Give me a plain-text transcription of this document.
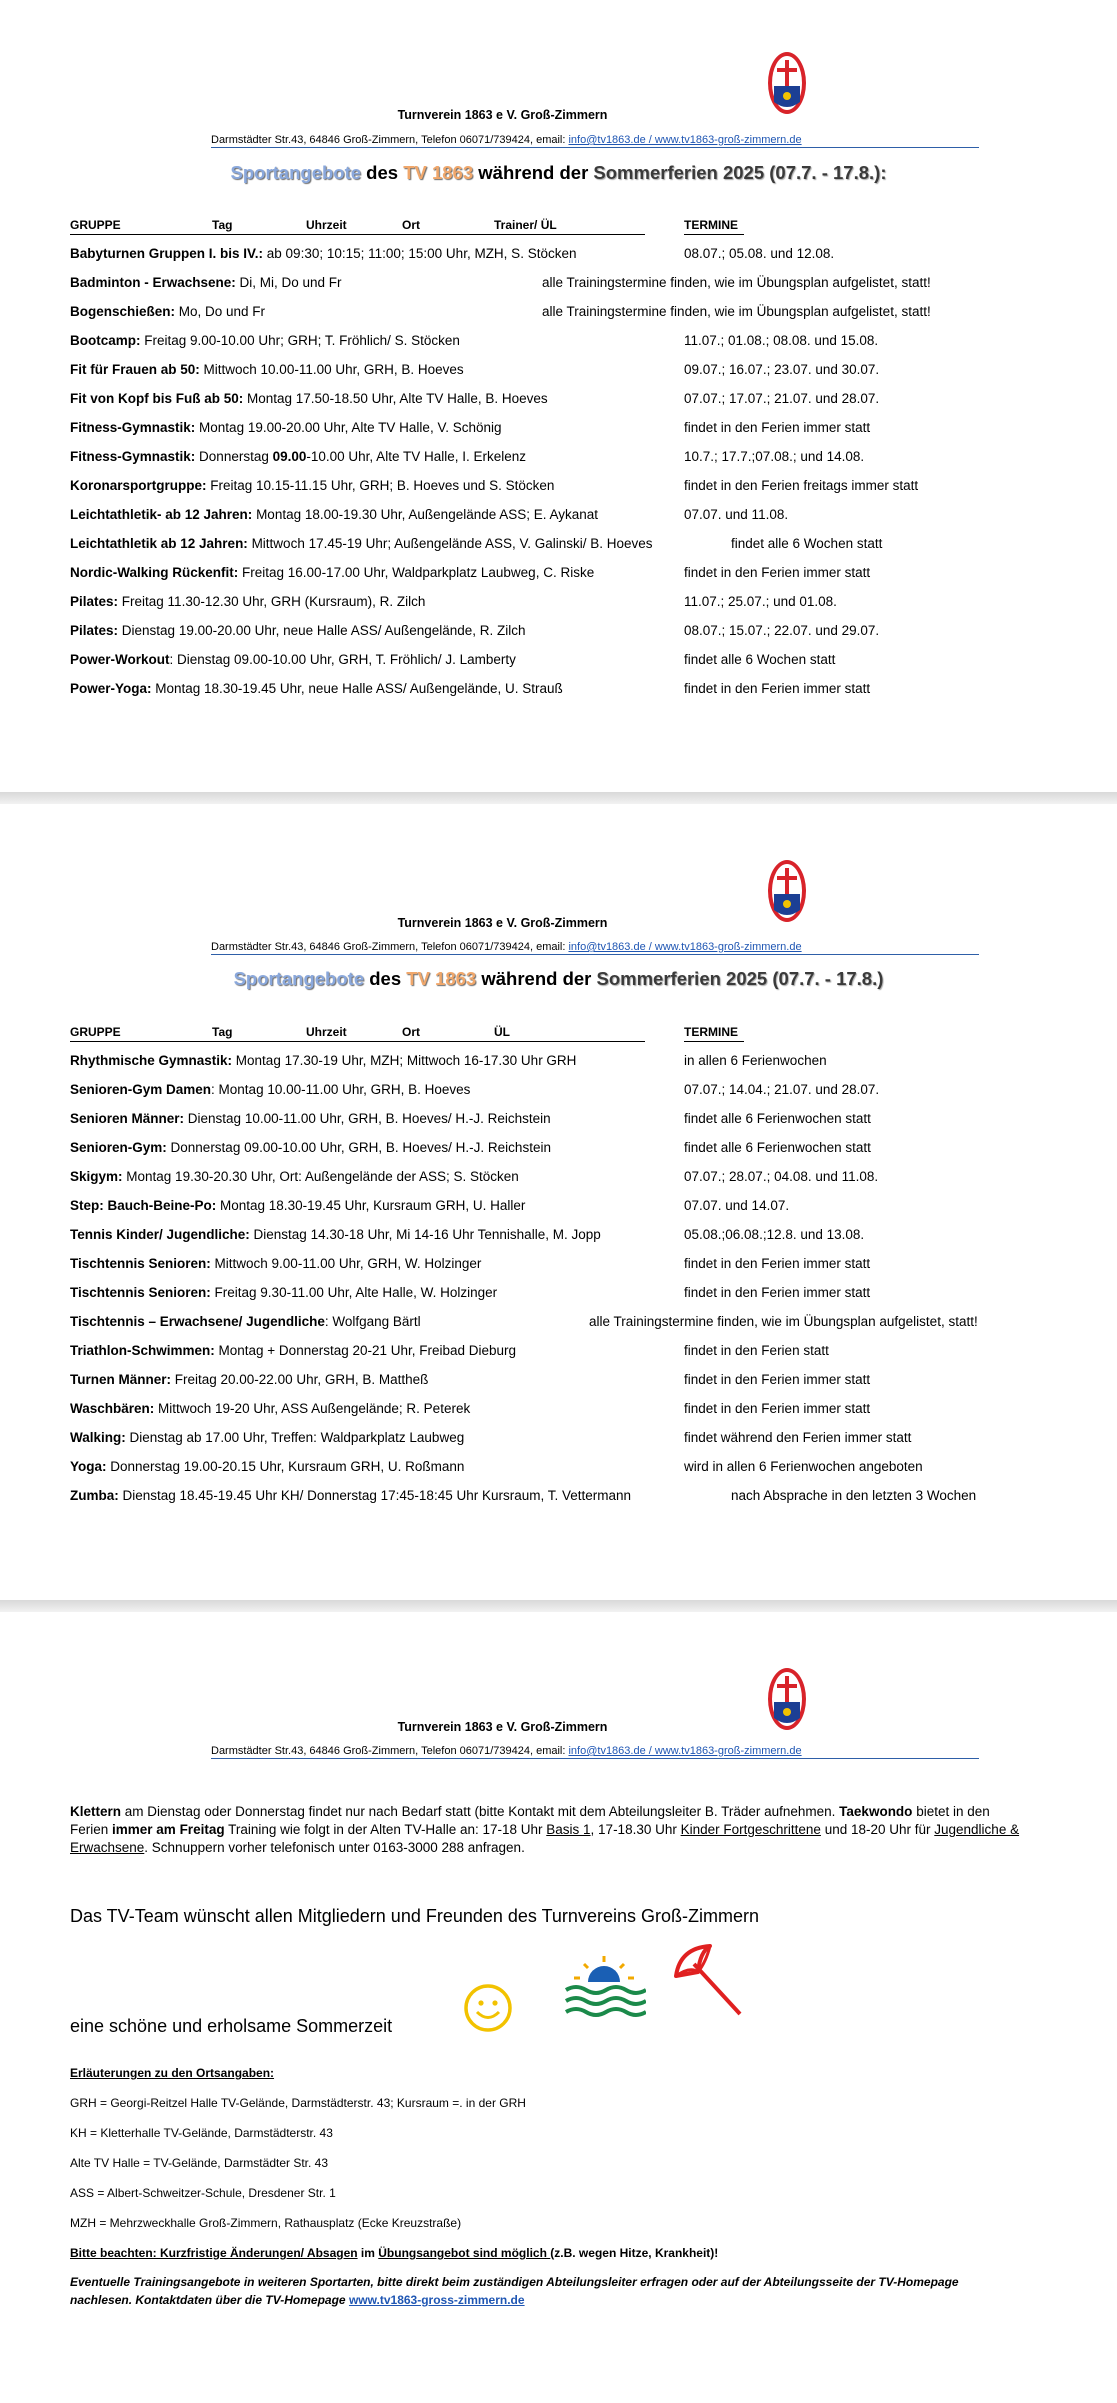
Turnverein 1863 e V. Groß-Zimmern
Darmstädter Str.43, 64846 Groß-Zimmern, Telefon 06071/739424, email: info@tv1863.de / www.tv1863-groß-zimmern.de
Sportangebote des TV 1863 während der Sommerferien 2025 (07.7. - 17.8.):
GRUPPE	Tag	Uhrzeit	Ort	Trainer/ ÜL	TERMINE
Babyturnen Gruppen I. bis IV.: ab 09:30; 10:15; 11:00; 15:00 Uhr, MZH, S. Stöcken	08.07.; 05.08. und 12.08.
Badminton - Erwachsene: Di, Mi, Do und Fr	alle Trainingstermine finden, wie im Übungsplan aufgelistet, statt!
Bogenschießen: Mo, Do und Fr	alle Trainingstermine finden, wie im Übungsplan aufgelistet, statt!
Bootcamp: Freitag 9.00-10.00 Uhr; GRH; T. Fröhlich/ S. Stöcken	11.07.; 01.08.; 08.08. und 15.08.
Fit für Frauen ab 50: Mittwoch 10.00-11.00 Uhr, GRH, B. Hoeves	09.07.; 16.07.; 23.07. und 30.07.
Fit von Kopf bis Fuß ab 50: Montag 17.50-18.50 Uhr, Alte TV Halle, B. Hoeves	07.07.; 17.07.; 21.07. und 28.07.
Fitness-Gymnastik: Montag 19.00-20.00 Uhr, Alte TV Halle, V. Schönig	findet in den Ferien immer statt
Fitness-Gymnastik: Donnerstag 09.00-10.00 Uhr, Alte TV Halle, I. Erkelenz	10.7.; 17.7.;07.08.; und 14.08.
Koronarsportgruppe: Freitag 10.15-11.15 Uhr, GRH; B. Hoeves und S. Stöcken	findet in den Ferien freitags immer statt
Leichtathletik- ab 12 Jahren: Montag 18.00-19.30 Uhr, Außengelände ASS; E. Aykanat	07.07. und 11.08.
Leichtathletik ab 12 Jahren: Mittwoch 17.45-19 Uhr; Außengelände ASS, V. Galinski/ B. Hoeves	findet alle 6 Wochen statt
Nordic-Walking Rückenfit: Freitag 16.00-17.00 Uhr, Waldparkplatz Laubweg, C. Riske	findet in den Ferien immer statt
Pilates: Freitag 11.30-12.30 Uhr, GRH (Kursraum), R. Zilch	11.07.; 25.07.; und 01.08.
Pilates: Dienstag 19.00-20.00 Uhr, neue Halle ASS/ Außengelände, R. Zilch	08.07.; 15.07.; 22.07. und 29.07.
Power-Workout: Dienstag 09.00-10.00 Uhr, GRH, T. Fröhlich/ J. Lamberty	findet alle 6 Wochen statt
Power-Yoga: Montag 18.30-19.45 Uhr, neue Halle ASS/ Außengelände, U. Strauß	findet in den Ferien immer statt
Turnverein 1863 e V. Groß-Zimmern
Darmstädter Str.43, 64846 Groß-Zimmern, Telefon 06071/739424, email: info@tv1863.de / www.tv1863-groß-zimmern.de
Sportangebote des TV 1863 während der Sommerferien 2025 (07.7. - 17.8.)
GRUPPE	Tag	Uhrzeit	Ort	ÜL	TERMINE
Rhythmische Gymnastik: Montag 17.30-19 Uhr, MZH; Mittwoch 16-17.30 Uhr GRH	in allen 6 Ferienwochen
Senioren-Gym Damen: Montag 10.00-11.00 Uhr, GRH, B. Hoeves	07.07.; 14.04.; 21.07. und 28.07.
Senioren Männer: Dienstag 10.00-11.00 Uhr, GRH, B. Hoeves/ H.-J. Reichstein	findet alle 6 Ferienwochen statt
Senioren-Gym: Donnerstag 09.00-10.00 Uhr, GRH, B. Hoeves/ H.-J. Reichstein	findet alle 6 Ferienwochen statt
Skigym: Montag 19.30-20.30 Uhr, Ort: Außengelände der ASS; S. Stöcken	07.07.; 28.07.; 04.08. und 11.08.
Step: Bauch-Beine-Po: Montag 18.30-19.45 Uhr, Kursraum GRH, U. Haller	07.07. und 14.07.
Tennis Kinder/ Jugendliche: Dienstag 14.30-18 Uhr, Mi 14-16 Uhr Tennishalle, M. Jopp	05.08.;06.08.;12.8. und 13.08.
Tischtennis Senioren: Mittwoch 9.00-11.00 Uhr, GRH, W. Holzinger	findet in den Ferien immer statt
Tischtennis Senioren: Freitag 9.30-11.00 Uhr, Alte Halle, W. Holzinger	findet in den Ferien immer statt
Tischtennis – Erwachsene/ Jugendliche: Wolfgang Bärtl	alle Trainingstermine finden, wie im Übungsplan aufgelistet, statt!
Triathlon-Schwimmen: Montag + Donnerstag 20-21 Uhr, Freibad Dieburg	findet in den Ferien statt
Turnen Männer: Freitag 20.00-22.00 Uhr, GRH, B. Mattheß	findet in den Ferien immer statt
Waschbären: Mittwoch 19-20 Uhr, ASS Außengelände; R. Peterek	findet in den Ferien immer statt
Walking: Dienstag ab 17.00 Uhr, Treffen: Waldparkplatz Laubweg	findet während den Ferien immer statt
Yoga: Donnerstag 19.00-20.15 Uhr, Kursraum GRH, U. Roßmann	wird in allen 6 Ferienwochen angeboten
Zumba: Dienstag 18.45-19.45 Uhr KH/ Donnerstag 17:45-18:45 Uhr Kursraum, T. Vettermann	nach Absprache in den letzten 3 Wochen
Turnverein 1863 e V. Groß-Zimmern
Darmstädter Str.43, 64846 Groß-Zimmern, Telefon 06071/739424, email: info@tv1863.de / www.tv1863-groß-zimmern.de
Klettern am Dienstag oder Donnerstag findet nur nach Bedarf statt (bitte Kontakt mit dem Abteilungsleiter B. Träder aufnehmen. Taekwondo bietet in den Ferien immer am Freitag Training wie folgt in der Alten TV-Halle an: 17-18 Uhr Basis 1, 17-18.30 Uhr Kinder Fortgeschrittene und 18-20 Uhr für Jugendliche & Erwachsene. Schnuppern vorher telefonisch unter 0163-3000 288 anfragen.
Das TV-Team wünscht allen Mitgliedern und Freunden des Turnvereins Groß-Zimmern
eine schöne und erholsame Sommerzeit
Erläuterungen zu den Ortsangaben:
GRH = Georgi-Reitzel Halle TV-Gelände, Darmstädterstr. 43; Kursraum =. in der GRH
KH = Kletterhalle TV-Gelände, Darmstädterstr. 43
Alte TV Halle = TV-Gelände, Darmstädter Str. 43
ASS = Albert-Schweitzer-Schule, Dresdener Str. 1
MZH = Mehrzweckhalle Groß-Zimmern, Rathausplatz (Ecke Kreuzstraße)
Bitte beachten: Kurzfristige Änderungen/ Absagen im Übungsangebot sind möglich (z.B. wegen Hitze, Krankheit)!
Eventuelle Trainingsangebote in weiteren Sportarten, bitte direkt beim zuständigen Abteilungsleiter erfragen oder auf der Abteilungsseite der TV-Homepage nachlesen. Kontaktdaten über die TV-Homepage www.tv1863-gross-zimmern.de
